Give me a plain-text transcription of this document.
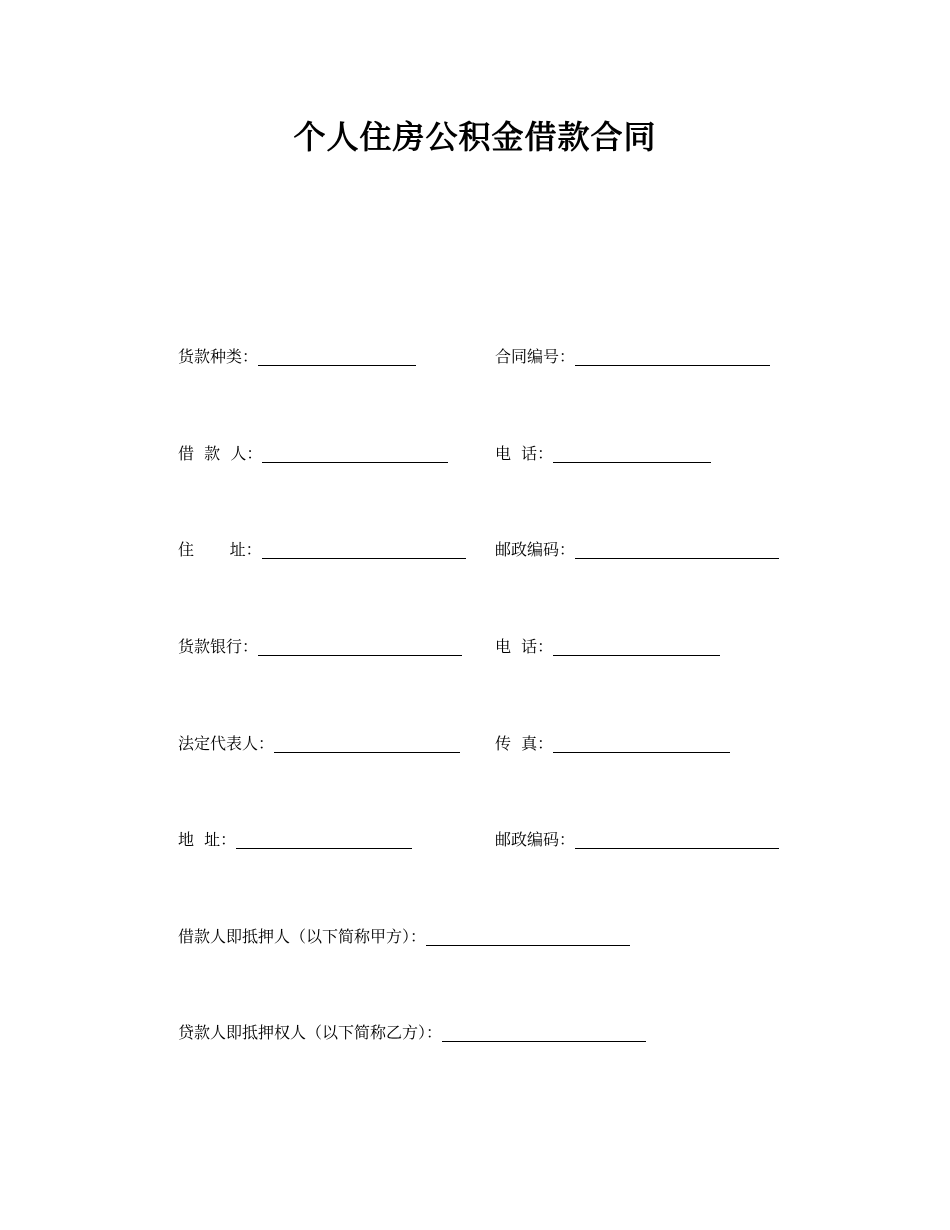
个人住房公积金借款合同
货款种类：	合同编号：
借  款  人：	电  话：
住       址：	邮政编码：
货款银行：	电  话：
法定代表人：	传  真：
地  址：	邮政编码：
借款人即抵押人（以下简称甲方）：
贷款人即抵押权人（以下简称乙方）：
